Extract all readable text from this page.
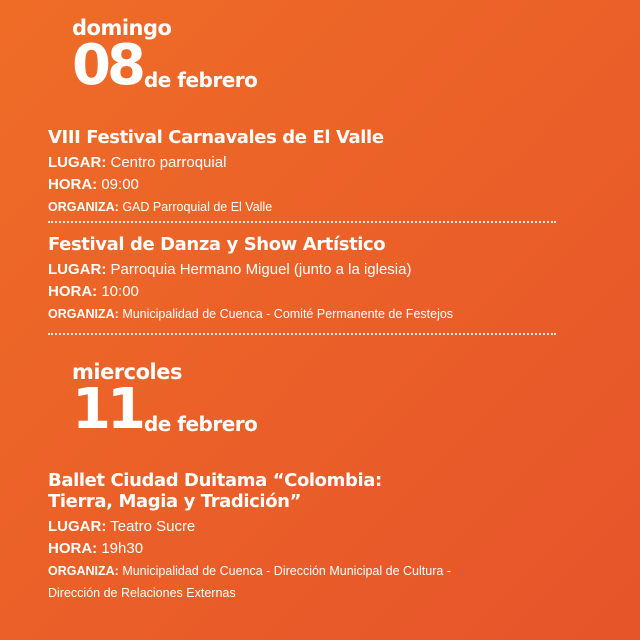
domingo
08 de febrero
VIII Festival Carnavales de El Valle
LUGAR: Centro parroquial
HORA: 09:00
ORGANIZA: GAD Parroquial de El Valle
Festival de Danza y Show Artístico
LUGAR: Parroquia Hermano Miguel (junto a la iglesia)
HORA: 10:00
ORGANIZA: Municipalidad de Cuenca - Comité Permanente de Festejos
miercoles
11 de febrero
Ballet Ciudad Duitama “Colombia:
Tierra, Magia y Tradición”
LUGAR: Teatro Sucre
HORA: 19h30
ORGANIZA: Municipalidad de Cuenca - Dirección Municipal de Cultura -
Dirección de Relaciones Externas
